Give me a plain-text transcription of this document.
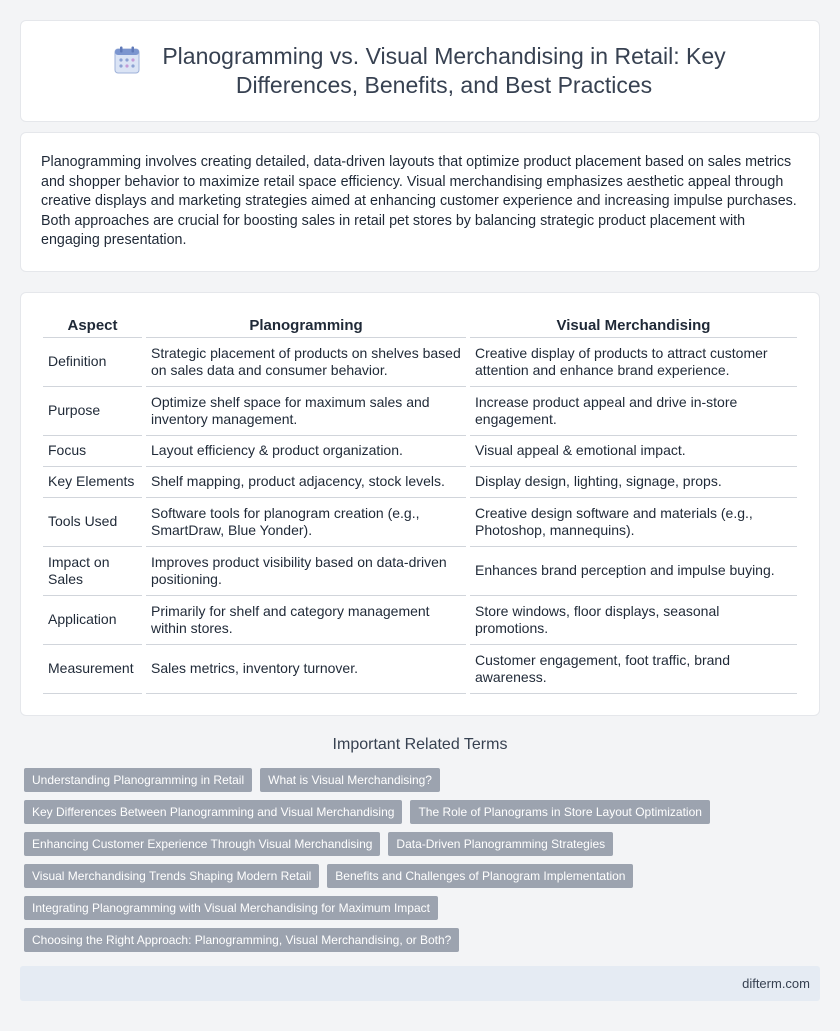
Planogramming vs. Visual Merchandising in Retail: Key
Differences, Benefits, and Best Practices

Planogramming involves creating detailed, data-driven layouts that optimize product placement based on sales metrics and shopper behavior to maximize retail space efficiency. Visual merchandising emphasizes aesthetic appeal through creative displays and marketing strategies aimed at enhancing customer experience and increasing impulse purchases. Both approaches are crucial for boosting sales in retail pet stores by balancing strategic product placement with engaging presentation.

Aspect	Planogramming	Visual Merchandising
Definition	Strategic placement of products on shelves based on sales data and consumer behavior.	Creative display of products to attract customer attention and enhance brand experience.
Purpose	Optimize shelf space for maximum sales and inventory management.	Increase product appeal and drive in-store engagement.
Focus	Layout efficiency & product organization.	Visual appeal & emotional impact.
Key Elements	Shelf mapping, product adjacency, stock levels.	Display design, lighting, signage, props.
Tools Used	Software tools for planogram creation (e.g., SmartDraw, Blue Yonder).	Creative design software and materials (e.g., Photoshop, mannequins).
Impact on Sales	Improves product visibility based on data-driven positioning.	Enhances brand perception and impulse buying.
Application	Primarily for shelf and category management within stores.	Store windows, floor displays, seasonal promotions.
Measurement	Sales metrics, inventory turnover.	Customer engagement, foot traffic, brand awareness.
Important Related Terms
Understanding Planogramming in Retail	What is Visual Merchandising?
Key Differences Between Planogramming and Visual Merchandising	The Role of Planograms in Store Layout Optimization
Enhancing Customer Experience Through Visual Merchandising	Data-Driven Planogramming Strategies
Visual Merchandising Trends Shaping Modern Retail	Benefits and Challenges of Planogram Implementation
Integrating Planogramming with Visual Merchandising for Maximum Impact
Choosing the Right Approach: Planogramming, Visual Merchandising, or Both?
difterm.com
